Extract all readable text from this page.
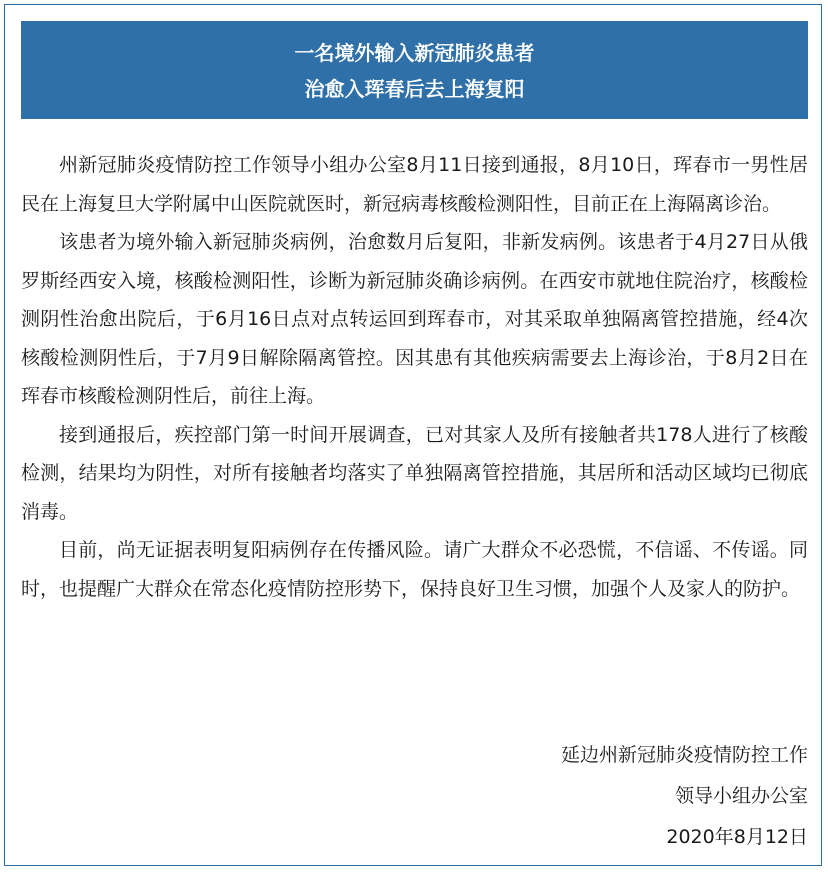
一名境外输入新冠肺炎患者
治愈入珲春后去上海复阳

州新冠肺炎疫情防控工作领导小组办公室8月11日接到通报，8月10日，珲春市一男性居民在上海复旦大学附属中山医院就医时，新冠病毒核酸检测阳性，目前正在上海隔离诊治。

该患者为境外输入新冠肺炎病例，治愈数月后复阳，非新发病例。该患者于4月27日从俄罗斯经西安入境，核酸检测阳性，诊断为新冠肺炎确诊病例。在西安市就地住院治疗，核酸检测阴性治愈出院后，于6月16日点对点转运回到珲春市，对其采取单独隔离管控措施，经4次核酸检测阴性后，于7月9日解除隔离管控。因其患有其他疾病需要去上海诊治，于8月2日在珲春市核酸检测阴性后，前往上海。

接到通报后，疾控部门第一时间开展调查，已对其家人及所有接触者共178人进行了核酸检测，结果均为阴性，对所有接触者均落实了单独隔离管控措施，其居所和活动区域均已彻底消毒。

目前，尚无证据表明复阳病例存在传播风险。请广大群众不必恐慌，不信谣、不传谣。同时，也提醒广大群众在常态化疫情防控形势下，保持良好卫生习惯，加强个人及家人的防护。

延边州新冠肺炎疫情防控工作
领导小组办公室
2020年8月12日
